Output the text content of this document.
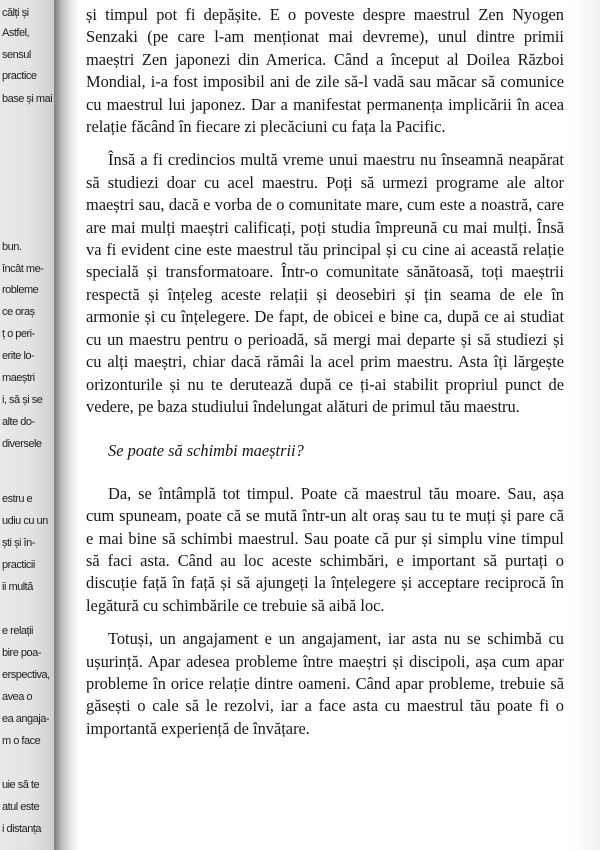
călți și
Astfel,
sensul
practice
base și mai
bun.
încât me-
robleme
ce oraș
ț o peri-
erite lo-
maeștri
i, să și se
alte do-
diversele
estru e
udiu cu un
ști și în-
practicii
ii multă
e relații
bire poa-
erspectiva,
avea o
ea angaja-
m o face
uie să te
atul este
i distanța

și timpul pot fi depășite. E o poveste despre maestrul Zen Nyogen Senzaki (pe care l-am menționat mai devreme), unul dintre primii maeștri Zen japonezi din America. Când a început al Doilea Război Mondial, i-a fost imposibil ani de zile să-l vadă sau măcar să comunice cu maestrul lui japonez. Dar a manifestat permanența implicării în acea relație făcând în fiecare zi plecăciuni cu fața la Pacific.

Însă a fi credincios multă vreme unui maestru nu înseamnă neapărat să studiezi doar cu acel maestru. Poți să urmezi programe ale altor maeștri sau, dacă e vorba de o comunitate mare, cum este a noastră, care are mai mulți maeștri calificați, poți studia împreună cu mai mulți. Însă va fi evident cine este maestrul tău principal și cu cine ai această relație specială și transformatoare. Într-o comunitate sănătoasă, toți maeștrii respectă și înțeleg aceste relații și deosebiri și țin seama de ele în armonie și cu înțelegere. De fapt, de obicei e bine ca, după ce ai studiat cu un maestru pentru o perioadă, să mergi mai departe și să studiezi și cu alți maeștri, chiar dacă rămâi la acel prim maestru. Asta îți lărgește orizonturile și nu te derutează după ce ți-ai stabilit propriul punct de vedere, pe baza studiului îndelungat alături de primul tău maestru.

Se poate să schimbi maeștrii?

Da, se întâmplă tot timpul. Poate că maestrul tău moare. Sau, așa cum spuneam, poate că se mută într-un alt oraș sau tu te muți și pare că e mai bine să schimbi maestrul. Sau poate că pur și simplu vine timpul să faci asta. Când au loc aceste schimbări, e important să purtați o discuție față în față și să ajungeți la înțelegere și acceptare reciprocă în legătură cu schimbările ce trebuie să aibă loc.

Totuși, un angajament e un angajament, iar asta nu se schimbă cu ușurință. Apar adesea probleme între maeștri și discipoli, așa cum apar probleme în orice relație dintre oameni. Când apar probleme, trebuie să găsești o cale să le rezolvi, iar a face asta cu maestrul tău poate fi o importantă experiență de învățare.
